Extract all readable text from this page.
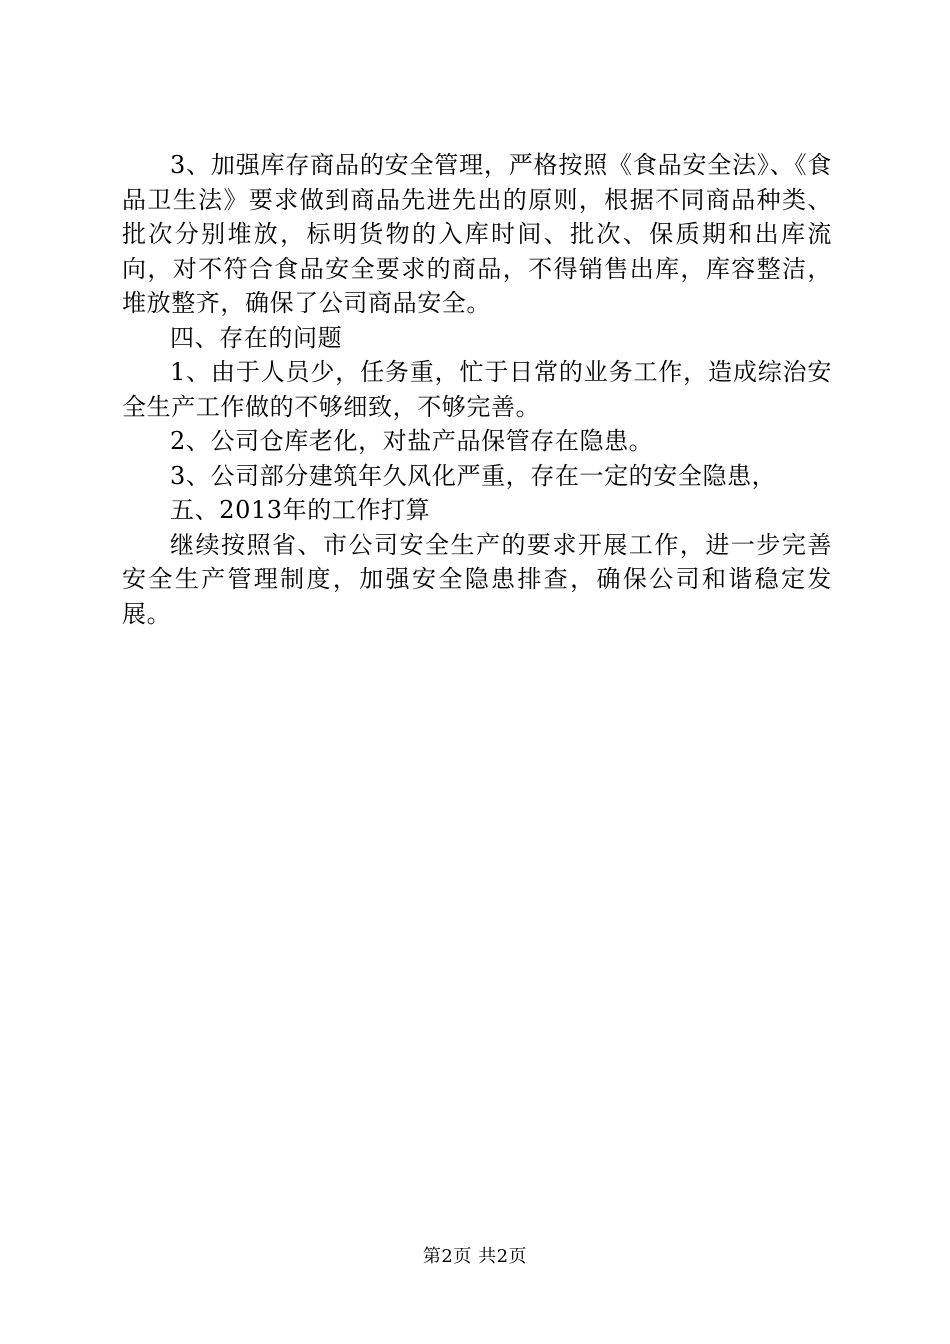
3、加强库存商品的安全管理，严格按照《食品安全法》、《食品卫生法》要求做到商品先进先出的原则，根据不同商品种类、批次分别堆放，标明货物的入库时间、批次、保质期和出库流向，对不符合食品安全要求的商品，不得销售出库，库容整洁，堆放整齐，确保了公司商品安全。

四、存在的问题

1、由于人员少，任务重，忙于日常的业务工作，造成综治安全生产工作做的不够细致，不够完善。

2、公司仓库老化，对盐产品保管存在隐患。

3、公司部分建筑年久风化严重，存在一定的安全隐患，

五、2013年的工作打算

继续按照省、市公司安全生产的要求开展工作，进一步完善安全生产管理制度，加强安全隐患排查，确保公司和谐稳定发展。

第2页 共2页
